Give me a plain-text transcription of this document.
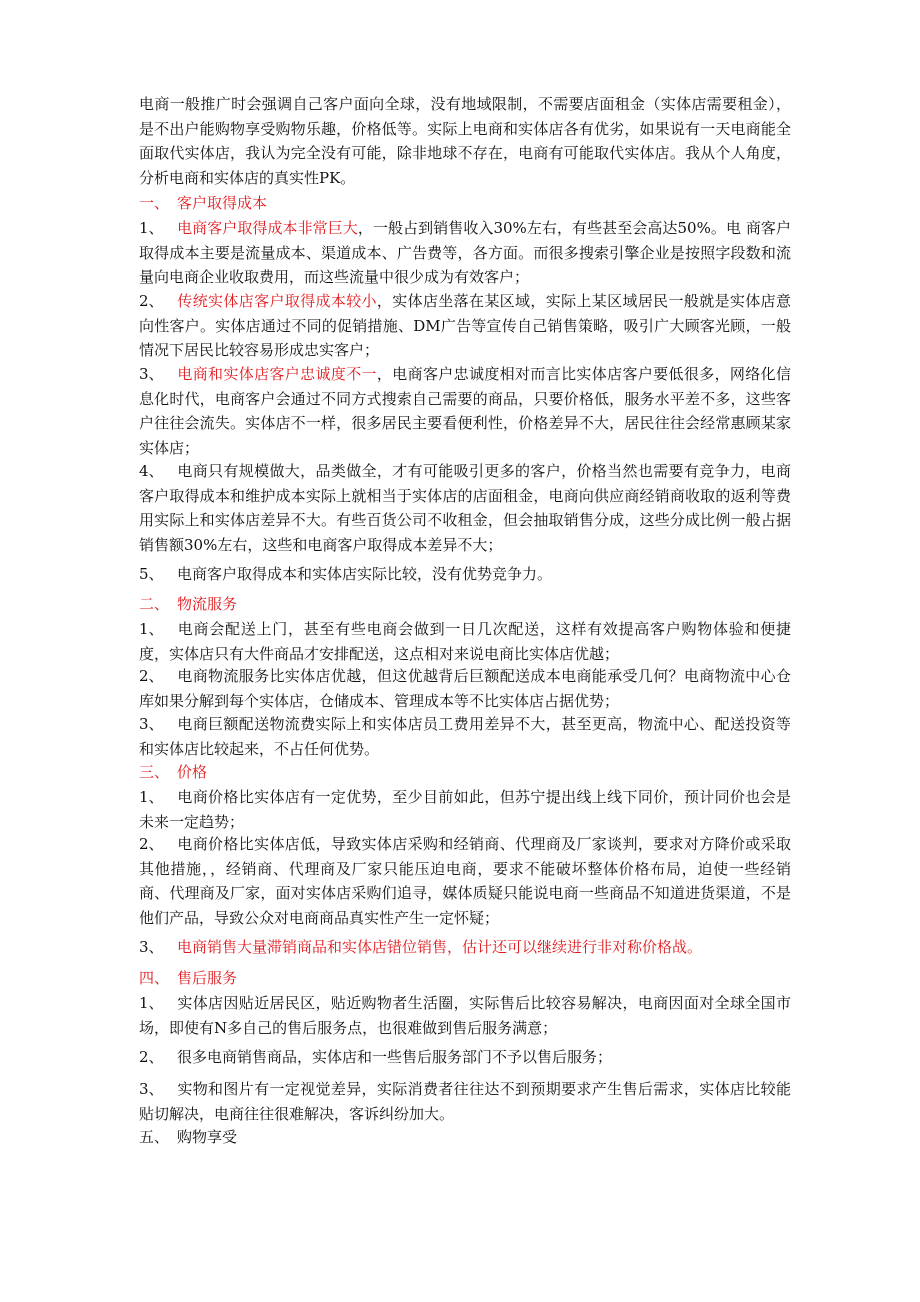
电商一般推广时会强调自己客户面向全球，没有地域限制，不需要店面租金（实体店需要租金），是不出户能购物享受购物乐趣，价格低等。实际上电商和实体店各有优劣，如果说有一天电商能全面取代实体店，我认为完全没有可能，除非地球不存在，电商有可能取代实体店。我从个人角度，分析电商和实体店的真实性PK。

一、 客户取得成本

1、 电商客户取得成本非常巨大，一般占到销售收入30%左右，有些甚至会高达50%。电 商客户取得成本主要是流量成本、渠道成本、广告费等，各方面。而很多搜索引擎企业是按照字段数和流量向电商企业收取费用，而这些流量中很少成为有效客户；

2、 传统实体店客户取得成本较小，实体店坐落在某区域，实际上某区域居民一般就是实体店意向性客户。实体店通过不同的促销措施、DM广告等宣传自己销售策略，吸引广大顾客光顾，一般情况下居民比较容易形成忠实客户；

3、 电商和实体店客户忠诚度不一，电商客户忠诚度相对而言比实体店客户要低很多，网络化信息化时代，电商客户会通过不同方式搜索自己需要的商品，只要价格低，服务水平差不多，这些客户往往会流失。实体店不一样，很多居民主要看便利性，价格差异不大，居民往往会经常惠顾某家实体店；

4、 电商只有规模做大，品类做全，才有可能吸引更多的客户，价格当然也需要有竞争力，电商客户取得成本和维护成本实际上就相当于实体店的店面租金，电商向供应商经销商收取的返利等费用实际上和实体店差异不大。有些百货公司不收租金，但会抽取销售分成，这些分成比例一般占据销售额30%左右，这些和电商客户取得成本差异不大；

5、 电商客户取得成本和实体店实际比较，没有优势竞争力。

二、 物流服务

1、 电商会配送上门，甚至有些电商会做到一日几次配送，这样有效提高客户购物体验和便捷度，实体店只有大件商品才安排配送，这点相对来说电商比实体店优越；

2、 电商物流服务比实体店优越，但这优越背后巨额配送成本电商能承受几何？电商物流中心仓库如果分解到每个实体店，仓储成本、管理成本等不比实体店占据优势；

3、 电商巨额配送物流费实际上和实体店员工费用差异不大，甚至更高，物流中心、配送投资等和实体店比较起来，不占任何优势。

三、 价格

1、 电商价格比实体店有一定优势，至少目前如此，但苏宁提出线上线下同价，预计同价也会是未来一定趋势；

2、 电商价格比实体店低，导致实体店采购和经销商、代理商及厂家谈判，要求对方降价或采取其他措施，，经销商、代理商及厂家只能压迫电商，要求不能破坏整体价格布局，迫使一些经销商、代理商及厂家，面对实体店采购们追寻，媒体质疑只能说电商一些商品不知道进货渠道，不是他们产品，导致公众对电商商品真实性产生一定怀疑；

3、 电商销售大量滞销商品和实体店错位销售，估计还可以继续进行非对称价格战。

四、 售后服务

1、 实体店因贴近居民区，贴近购物者生活圈，实际售后比较容易解决，电商因面对全球全国市场，即使有N多自己的售后服务点，也很难做到售后服务满意；

2、 很多电商销售商品，实体店和一些售后服务部门不予以售后服务；

3、 实物和图片有一定视觉差异，实际消费者往往达不到预期要求产生售后需求，实体店比较能贴切解决，电商往往很难解决，客诉纠纷加大。

五、 购物享受
